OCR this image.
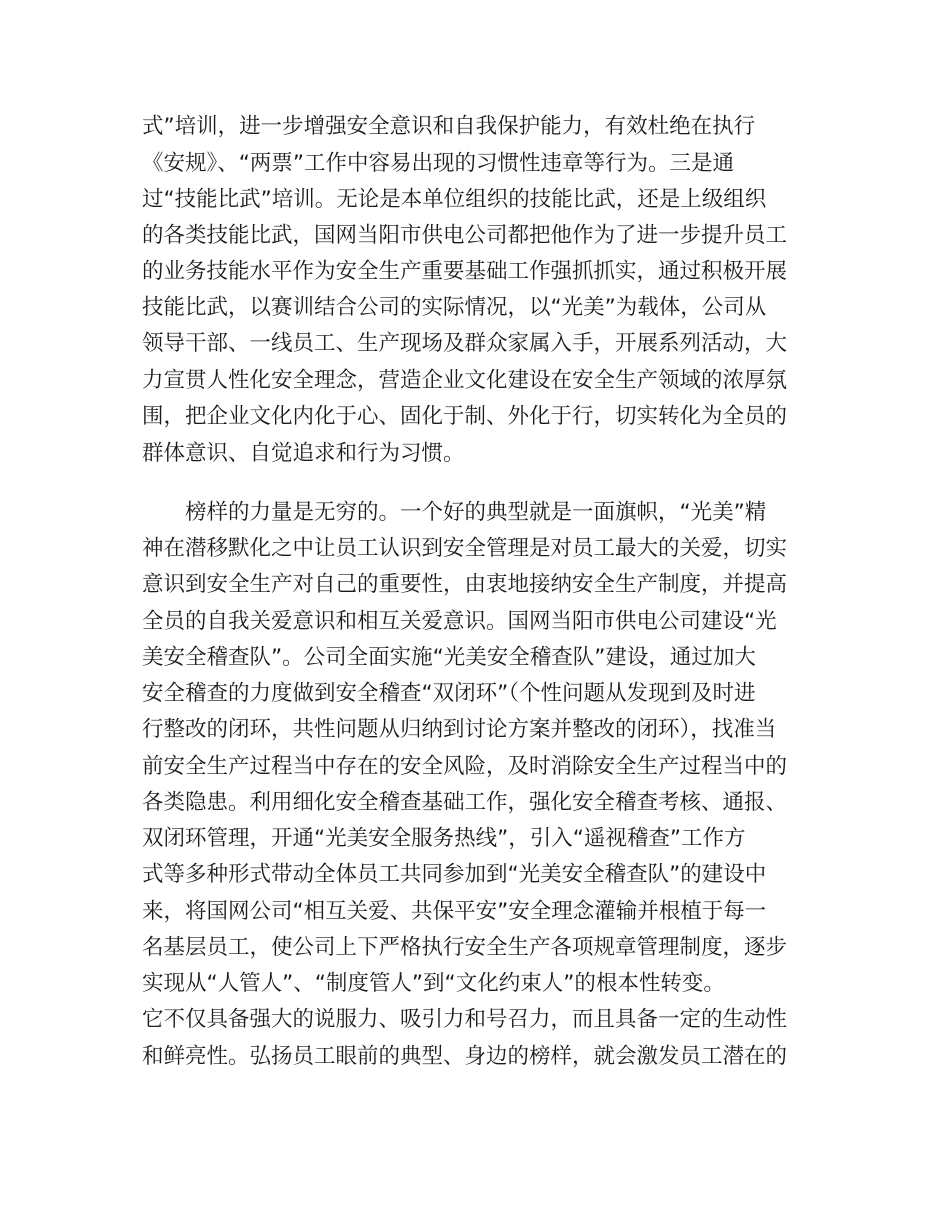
式”培训，进一步增强安全意识和自我保护能力，有效杜绝在执行
《安规》、“两票”工作中容易出现的习惯性违章等行为。三是通
过“技能比武”培训。无论是本单位组织的技能比武，还是上级组织
的各类技能比武，国网当阳市供电公司都把他作为了进一步提升员工
的业务技能水平作为安全生产重要基础工作强抓抓实，通过积极开展
技能比武，以赛训结合公司的实际情况，以“光美”为载体，公司从
领导干部、一线员工、生产现场及群众家属入手，开展系列活动，大
力宣贯人性化安全理念，营造企业文化建设在安全生产领域的浓厚氛
围，把企业文化内化于心、固化于制、外化于行，切实转化为全员的
群体意识、自觉追求和行为习惯。
榜样的力量是无穷的。一个好的典型就是一面旗帜，“光美”精
神在潜移默化之中让员工认识到安全管理是对员工最大的关爱，切实
意识到安全生产对自己的重要性，由衷地接纳安全生产制度，并提高
全员的自我关爱意识和相互关爱意识。国网当阳市供电公司建设“光
美安全稽查队”。公司全面实施“光美安全稽查队”建设，通过加大
安全稽查的力度做到安全稽查“双闭环”（个性问题从发现到及时进
行整改的闭环，共性问题从归纳到讨论方案并整改的闭环），找准当
前安全生产过程当中存在的安全风险，及时消除安全生产过程当中的
各类隐患。利用细化安全稽查基础工作，强化安全稽查考核、通报、
双闭环管理，开通“光美安全服务热线”，引入“遥视稽查”工作方
式等多种形式带动全体员工共同参加到“光美安全稽查队”的建设中
来，将国网公司“相互关爱、共保平安”安全理念灌输并根植于每一
名基层员工，使公司上下严格执行安全生产各项规章管理制度，逐步
实现从“人管人”、“制度管人”到“文化约束人”的根本性转变。
它不仅具备强大的说服力、吸引力和号召力，而且具备一定的生动性
和鲜亮性。弘扬员工眼前的典型、身边的榜样，就会激发员工潜在的
